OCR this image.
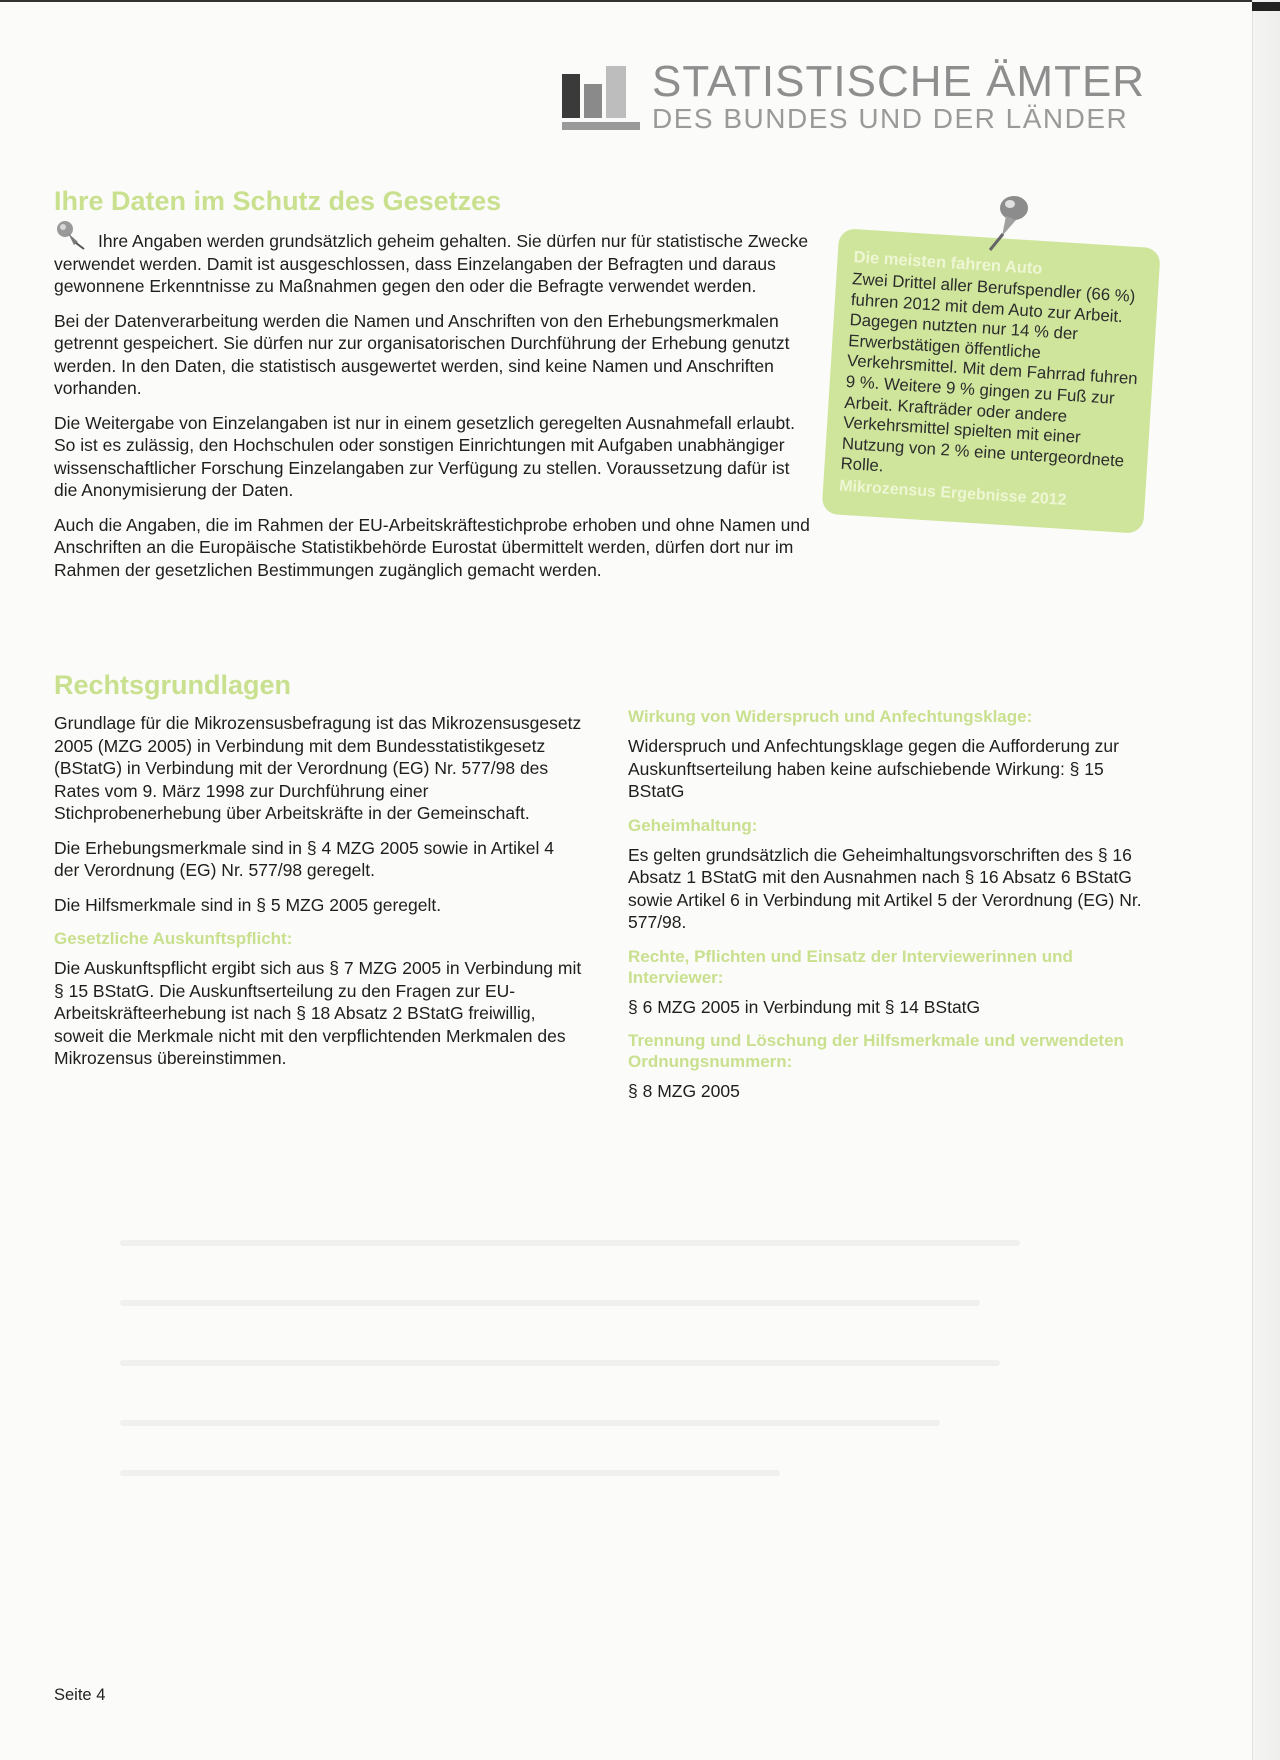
STATISTISCHE ÄMTER
DES BUNDES UND DER LÄNDER
Ihre Daten im Schutz des Gesetzes

Ihre Angaben werden grundsätzlich geheim gehalten. Sie dürfen nur für statistische Zwecke verwendet werden. Damit ist ausgeschlossen, dass Einzelangaben der Befragten und daraus gewonnene Erkenntnisse zu Maßnahmen gegen den oder die Befragte verwendet werden.

Bei der Datenverarbeitung werden die Namen und Anschriften von den Erhebungsmerkmalen getrennt gespeichert. Sie dürfen nur zur organisatorischen Durchführung der Erhebung genutzt werden. In den Daten, die statistisch ausgewertet werden, sind keine Namen und Anschriften vorhanden.

Die Weitergabe von Einzelangaben ist nur in einem gesetzlich geregelten Ausnahmefall erlaubt. So ist es zulässig, den Hochschulen oder sonstigen Einrichtungen mit Aufgaben unabhängiger wissenschaftlicher Forschung Einzelangaben zur Verfügung zu stellen. Voraussetzung dafür ist die Anonymisierung der Daten.

Auch die Angaben, die im Rahmen der EU-Arbeitskräftestichprobe erhoben und ohne Namen und Anschriften an die Europäische Statistikbehörde Eurostat übermittelt werden, dürfen dort nur im Rahmen der gesetzlichen Bestimmungen zugänglich gemacht werden.

Die meisten fahren Auto
Zwei Drittel aller Berufspendler (66 %) fuhren 2012 mit dem Auto zur Arbeit. Dagegen nutzten nur 14 % der Erwerbstätigen öffentliche Verkehrsmittel. Mit dem Fahrrad fuhren 9 %. Weitere 9 % gingen zu Fuß zur Arbeit. Krafträder oder andere Verkehrsmittel spielten mit einer Nutzung von 2 % eine untergeordnete Rolle.
Mikrozensus Ergebnisse 2012
Rechtsgrundlagen

Grundlage für die Mikrozensusbefragung ist das Mikrozensusgesetz 2005 (MZG 2005) in Verbindung mit dem Bundesstatistikgesetz (BStatG) in Verbindung mit der Verordnung (EG) Nr. 577/98 des Rates vom 9. März 1998 zur Durchführung einer Stichprobenerhebung über Arbeitskräfte in der Gemeinschaft.

Die Erhebungsmerkmale sind in § 4 MZG 2005 sowie in Artikel 4 der Verordnung (EG) Nr. 577/98 geregelt.

Die Hilfsmerkmale sind in § 5 MZG 2005 geregelt.

Gesetzliche Auskunftspflicht:

Die Auskunftspflicht ergibt sich aus § 7 MZG 2005 in Verbindung mit § 15 BStatG. Die Auskunftserteilung zu den Fragen zur EU-Arbeitskräfteerhebung ist nach § 18 Absatz 2 BStatG freiwillig, soweit die Merkmale nicht mit den verpflichtenden Merkmalen des Mikrozensus übereinstimmen.

Wirkung von Widerspruch und Anfechtungsklage:

Widerspruch und Anfechtungsklage gegen die Aufforderung zur Auskunftserteilung haben keine aufschiebende Wirkung: § 15 BStatG

Geheimhaltung:

Es gelten grundsätzlich die Geheimhaltungsvorschriften des § 16 Absatz 1 BStatG mit den Ausnahmen nach § 16 Absatz 6 BStatG sowie Artikel 6 in Verbindung mit Artikel 5 der Verordnung (EG) Nr. 577/98.

Rechte, Pflichten und Einsatz der Interviewerinnen und Interviewer:

§ 6 MZG 2005 in Verbindung mit § 14 BStatG

Trennung und Löschung der Hilfsmerkmale und verwendeten Ordnungsnummern:

§ 8 MZG 2005

Seite 4
